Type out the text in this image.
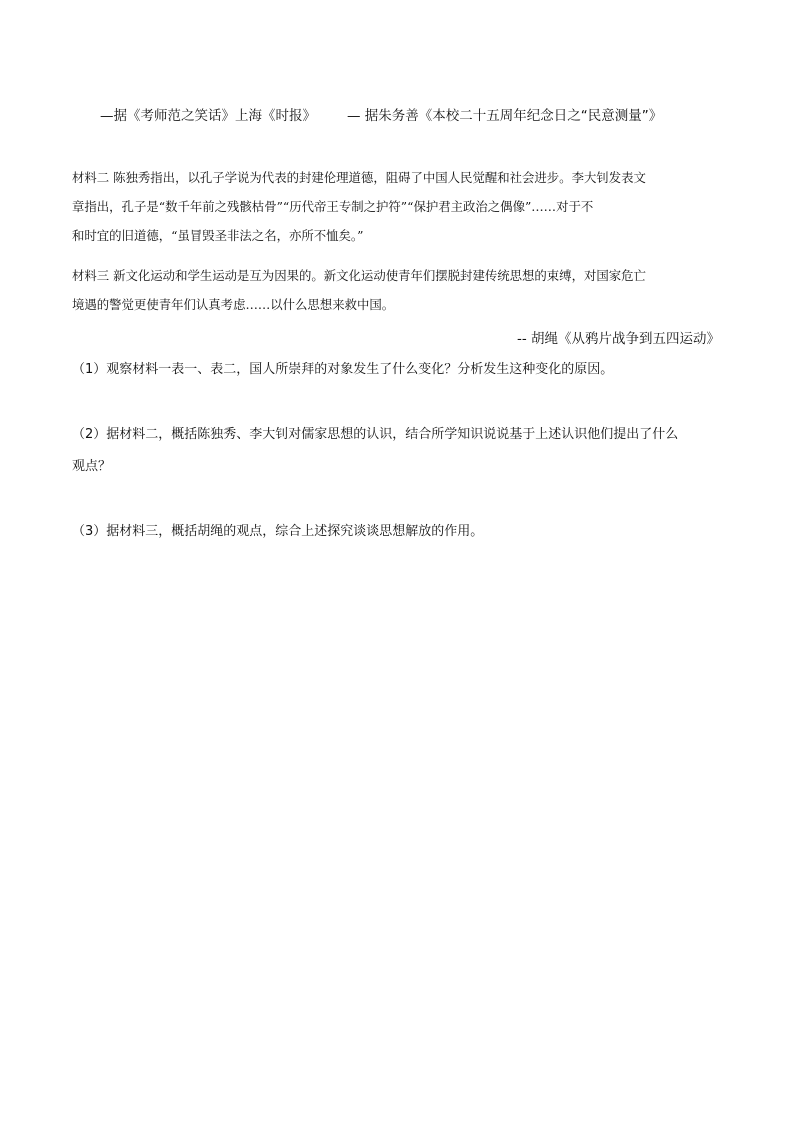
—据《考师范之笑话》上海《时报》 — 据朱务善《本校二十五周年纪念日之“民意测量”》
材料二 陈独秀指出，以孔子学说为代表的封建伦理道德，阻碍了中国人民觉醒和社会进步。李大钊发表文
章指出，孔子是“数千年前之残骸枯骨”“历代帝王专制之护符”“保护君主政治之偶像”……对于不
和时宜的旧道德，“虽冒毁圣非法之名，亦所不恤矣。”
材料三 新文化运动和学生运动是互为因果的。新文化运动使青年们摆脱封建传统思想的束缚，对国家危亡
境遇的警觉更使青年们认真考虑……以什么思想来救中国。
-- 胡绳《从鸦片战争到五四运动》
（1）观察材料一表一、表二，国人所崇拜的对象发生了什么变化？分析发生这种变化的原因。
（2）据材料二，概括陈独秀、李大钊对儒家思想的认识，结合所学知识说说基于上述认识他们提出了什么
观点？
（3）据材料三，概括胡绳的观点，综合上述探究谈谈思想解放的作用。
